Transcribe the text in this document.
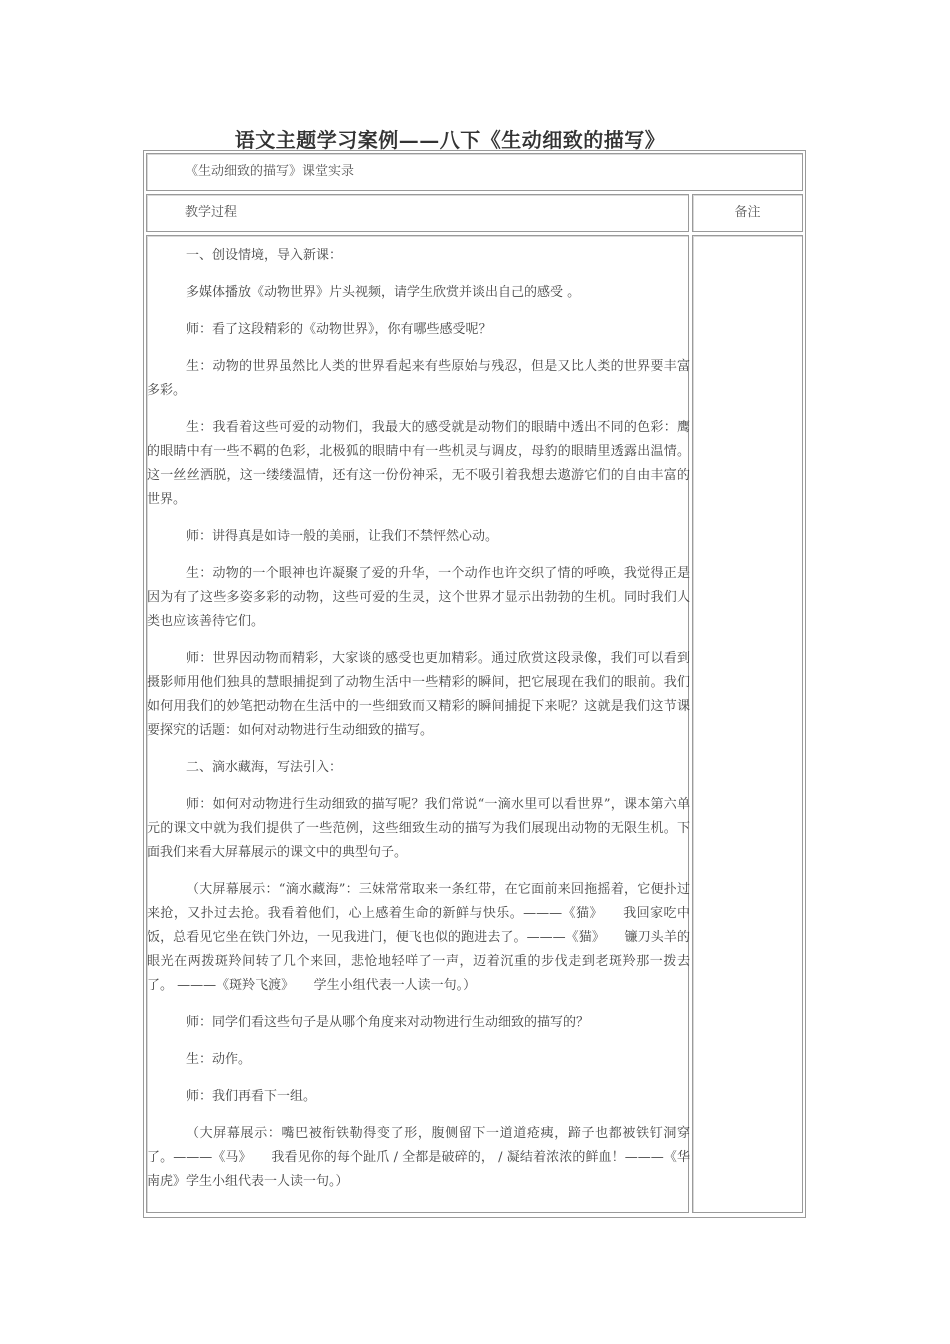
语文主题学习案例——八下《生动细致的描写》
《生动细致的描写》课堂实录
教学过程	备注

一、创设情境，导入新课：

多媒体播放《动物世界》片头视频，请学生欣赏并谈出自己的感受 。

师：看了这段精彩的《动物世界》，你有哪些感受呢？

生：动物的世界虽然比人类的世界看起来有些原始与残忍，但是又比人类的世界要丰富多彩。

生：我看着这些可爱的动物们，我最大的感受就是动物们的眼睛中透出不同的色彩：鹰的眼睛中有一些不羁的色彩，北极狐的眼睛中有一些机灵与调皮，母豹的眼睛里透露出温情。这一丝丝洒脱，这一缕缕温情，还有这一份份神采，无不吸引着我想去遨游它们的自由丰富的世界。

师：讲得真是如诗一般的美丽，让我们不禁怦然心动。

生：动物的一个眼神也许凝聚了爱的升华，一个动作也许交织了情的呼唤，我觉得正是因为有了这些多姿多彩的动物，这些可爱的生灵，这个世界才显示出勃勃的生机。同时我们人类也应该善待它们。

师：世界因动物而精彩，大家谈的感受也更加精彩。通过欣赏这段录像，我们可以看到摄影师用他们独具的慧眼捕捉到了动物生活中一些精彩的瞬间，把它展现在我们的眼前。我们如何用我们的妙笔把动物在生活中的一些细致而又精彩的瞬间捕捉下来呢？这就是我们这节课要探究的话题：如何对动物进行生动细致的描写。

二、滴水藏海，写法引入：

师：如何对动物进行生动细致的描写呢？我们常说“一滴水里可以看世界”，课本第六单元的课文中就为我们提供了一些范例，这些细致生动的描写为我们展现出动物的无限生机。下面我们来看大屏幕展示的课文中的典型句子。

（大屏幕展示：“滴水藏海”：三妹常常取来一条红带，在它面前来回拖摇着，它便扑过来抢，又扑过去抢。我看着他们，心上感着生命的新鲜与快乐。———《猫》　　我回家吃中饭，总看见它坐在铁门外边，一见我进门，便飞也似的跑进去了。———《猫》　　镰刀头羊的眼光在两拨斑羚间转了几个来回，悲怆地轻咩了一声，迈着沉重的步伐走到老斑羚那一拨去了。 ———《斑羚飞渡》　　学生小组代表一人读一句。）

师：同学们看这些句子是从哪个角度来对动物进行生动细致的描写的？

生：动作。

师：我们再看下一组。

（大屏幕展示：嘴巴被衔铁勒得变了形，腹侧留下一道道疮痍，蹄子也都被铁钉洞穿了。———《马》　　我看见你的每个趾爪 / 全都是破碎的， / 凝结着浓浓的鲜血！———《华南虎》学生小组代表一人读一句。）
